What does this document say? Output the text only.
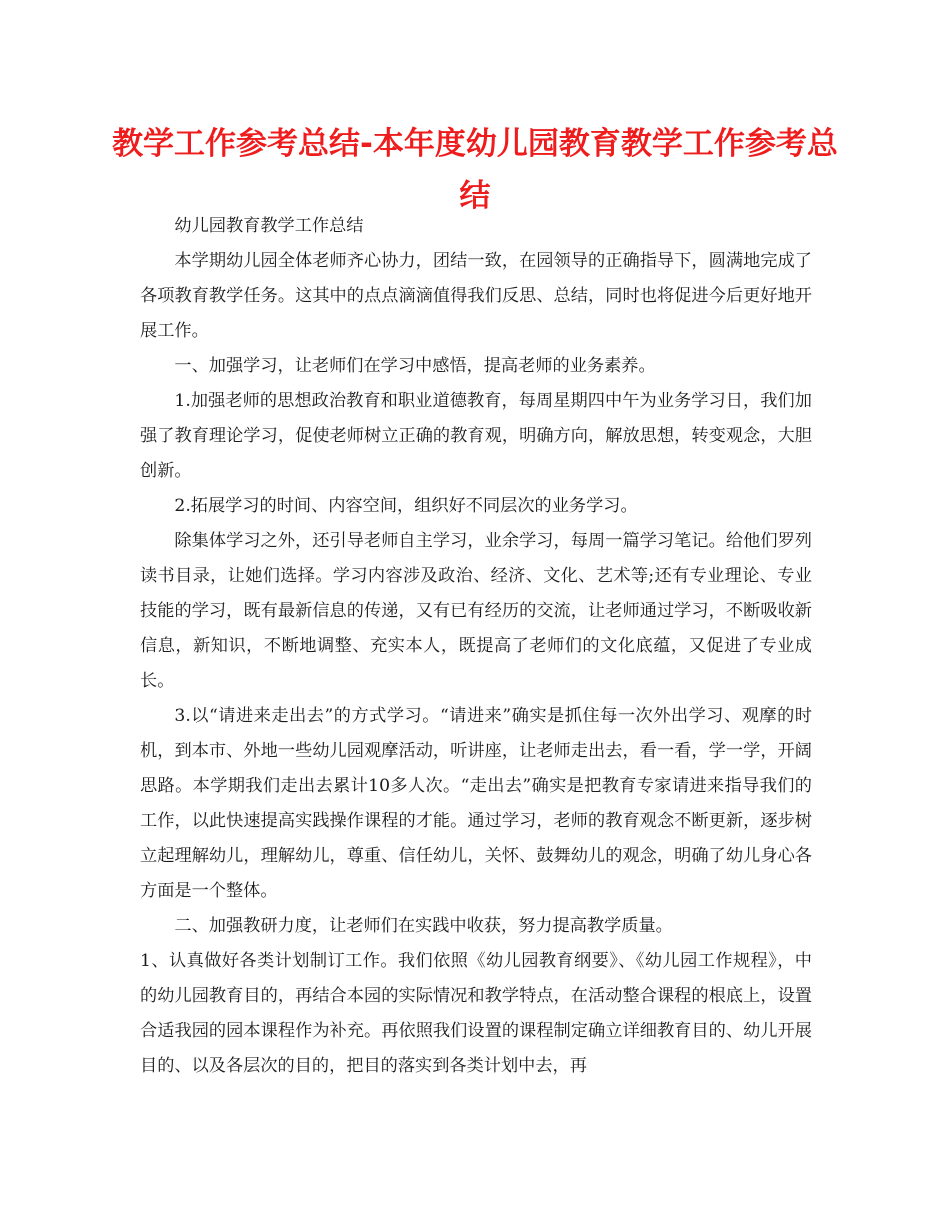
教学工作参考总结-本年度幼儿园教育教学工作参考总结

幼儿园教育教学工作总结

本学期幼儿园全体老师齐心协力，团结一致，在园领导的正确指导下，圆满地完成了各项教育教学任务。这其中的点点滴滴值得我们反思、总结，同时也将促进今后更好地开展工作。

一、加强学习，让老师们在学习中感悟，提高老师的业务素养。

1.加强老师的思想政治教育和职业道德教育，每周星期四中午为业务学习日，我们加强了教育理论学习，促使老师树立正确的教育观，明确方向，解放思想，转变观念，大胆创新。

2.拓展学习的时间、内容空间，组织好不同层次的业务学习。

除集体学习之外，还引导老师自主学习，业余学习，每周一篇学习笔记。给他们罗列读书目录，让她们选择。学习内容涉及政治、经济、文化、艺术等;还有专业理论、专业技能的学习，既有最新信息的传递，又有已有经历的交流，让老师通过学习，不断吸收新信息，新知识，不断地调整、充实本人，既提高了老师们的文化底蕴，又促进了专业成长。

3.以“请进来走出去”的方式学习。“请进来”确实是抓住每一次外出学习、观摩的时机，到本市、外地一些幼儿园观摩活动，听讲座，让老师走出去，看一看，学一学，开阔思路。本学期我们走出去累计10多人次。“走出去”确实是把教育专家请进来指导我们的工作，以此快速提高实践操作课程的才能。通过学习，老师的教育观念不断更新，逐步树立起理解幼儿，理解幼儿，尊重、信任幼儿，关怀、鼓舞幼儿的观念，明确了幼儿身心各方面是一个整体。

二、加强教研力度，让老师们在实践中收获，努力提高教学质量。

1、认真做好各类计划制订工作。我们依照《幼儿园教育纲要》、《幼儿园工作规程》，中的幼儿园教育目的，再结合本园的实际情况和教学特点，在活动整合课程的根底上，设置合适我园的园本课程作为补充。再依照我们设置的课程制定确立详细教育目的、幼儿开展目的、以及各层次的目的，把目的落实到各类计划中去，再
